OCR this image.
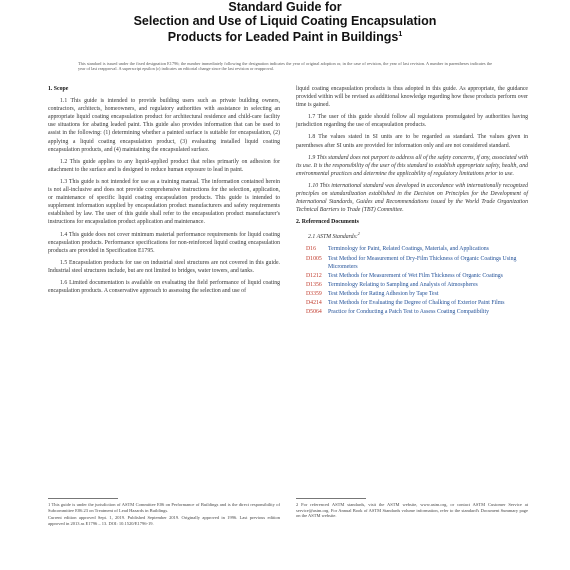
Standard Guide for
Selection and Use of Liquid Coating Encapsulation
Products for Leaded Paint in Buildings$^1$
This standard is issued under the fixed designation E1796; the number immediately following the designation indicates the year of original adoption or, in the case of revision, the year of last revision. A number in parentheses indicates the year of last reapproval. A superscript epsilon (ε) indicates an editorial change since the last revision or reapproval.
1. Scope
1.1 This guide is intended to provide building users such as private building owners, contractors, architects, homeowners, and regulatory authorities with assistance in selecting an appropriate liquid coating encapsulation product for architectural residence and child-care facility use situations for abating leaded paint. This guide also provides information that can be used to assist in the following: (1) determining whether a painted surface is suitable for encapsulation, (2) applying a liquid coating encapsulation product, (3) evaluating installed liquid coating encapsulation products, and (4) maintaining the encapsulated surface.
1.2 This guide applies to any liquid-applied product that relies primarily on adhesion for attachment to the surface and is designed to reduce human exposure to lead in paint.
1.3 This guide is not intended for use as a training manual. The information contained herein is not all-inclusive and does not provide comprehensive instructions for the selection, application, or maintenance of specific liquid coating encapsulation products. This guide is intended to supplement information supplied by encapsulation product manufacturers and safety requirements established by law. The user of this guide shall refer to the encapsulation product manufacturer's instructions for encapsulation product application and maintenance.
1.4 This guide does not cover minimum material performance requirements for liquid coating encapsulation products. Performance specifications for non-reinforced liquid coating encapsulation products are provided in Specification E1795.
1.5 Encapsulation products for use on industrial steel structures are not covered in this guide. Industrial steel structures include, but are not limited to bridges, water towers, and tanks.
1.6 Limited documentation is available on evaluating the field performance of liquid coating encapsulation products. A conservative approach to assessing the selection and use of

1 This guide is under the jurisdiction of ASTM Committee E06 on Performance of Buildings and is the direct responsibility of Subcommittee E06.23 on Treatment of Lead Hazards in Buildings.

Current edition approved Sept. 1, 2019. Published September 2019. Originally approved in 1996. Last previous edition approved in 2013 as E1796 – 13. DOI: 10.1520/E1796-19.

liquid coating encapsulation products is thus adopted in this guide. As appropriate, the guidance provided within will be revised as additional knowledge regarding how these products perform over time is gained.
1.7 The user of this guide should follow all regulations promulgated by authorities having jurisdiction regarding the use of encapsulation products.
1.8 The values stated in SI units are to be regarded as standard. The values given in parentheses after SI units are provided for information only and are not considered standard.
1.9 This standard does not purport to address all of the safety concerns, if any, associated with its use. It is the responsibility of the user of this standard to establish appropriate safety, health, and environmental practices and determine the applicability of regulatory limitations prior to use.
1.10 This international standard was developed in accordance with internationally recognized principles on standardization established in the Decision on Principles for the Development of International Standards, Guides and Recommendations issued by the World Trade Organization Technical Barriers to Trade (TBT) Committee.
2. Referenced Documents
2.1 ASTM Standards:$^2$
D16	Terminology for Paint, Related Coatings, Materials, and Applications
D1005	Test Method for Measurement of Dry-Film Thickness of Organic Coatings Using Micrometers
D1212	Test Methods for Measurement of Wet Film Thickness of Organic Coatings
D1356	Terminology Relating to Sampling and Analysis of Atmospheres
D3359	Test Methods for Rating Adhesion by Tape Test
D4214	Test Methods for Evaluating the Degree of Chalking of Exterior Paint Films
D5064	Practice for Conducting a Patch Test to Assess Coating Compatibility

2 For referenced ASTM standards, visit the ASTM website, www.astm.org, or contact ASTM Customer Service at service@astm.org. For Annual Book of ASTM Standards volume information, refer to the standard's Document Summary page on the ASTM website.
